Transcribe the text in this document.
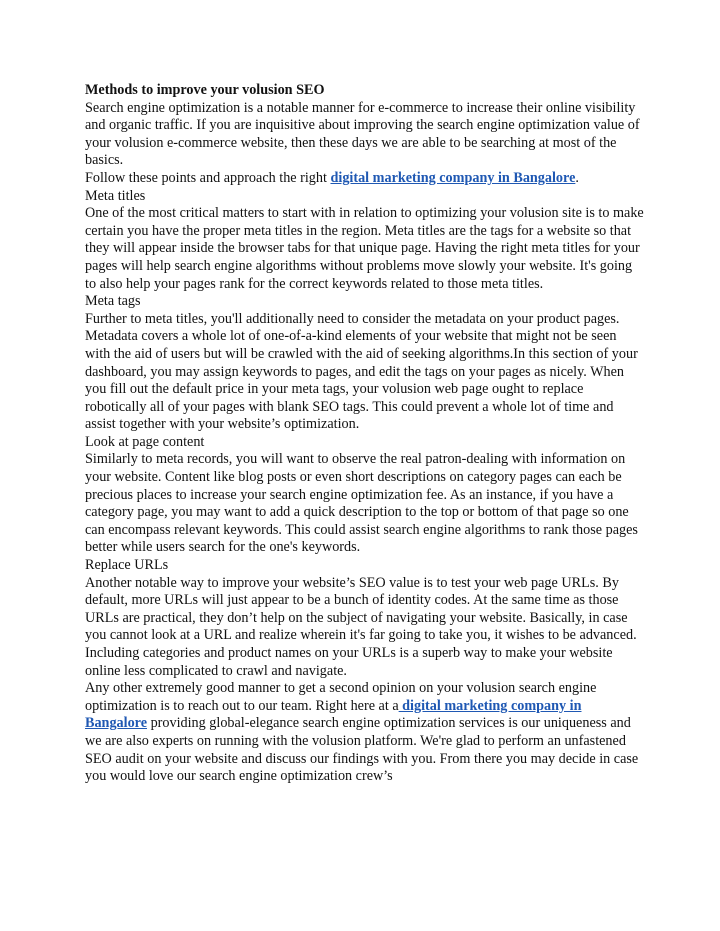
Methods to improve your volusion SEO

Search engine optimization is a notable manner for e-commerce to increase their online visibility and organic traffic. If you are inquisitive about improving the search engine optimization value of your volusion e-commerce website, then these days we are able to be searching at most of the basics.

Follow these points and approach the right digital marketing company in Bangalore.

Meta titles

One of the most critical matters to start with in relation to optimizing your volusion site is to make certain you have the proper meta titles in the region. Meta titles are the tags for a website so that they will appear inside the browser tabs for that unique page. Having the right meta titles for your pages will help search engine algorithms without problems move slowly your website. It's going to also help your pages rank for the correct keywords related to those meta titles.

Meta tags

Further to meta titles, you'll additionally need to consider the metadata on your product pages. Metadata covers a whole lot of one-of-a-kind elements of your website that might not be seen with the aid of users but will be crawled with the aid of seeking algorithms.In this section of your dashboard, you may assign keywords to pages, and edit the tags on your pages as nicely. When you fill out the default price in your meta tags, your volusion web page ought to replace robotically all of your pages with blank SEO tags. This could prevent a whole lot of time and assist together with your website’s optimization.

Look at page content

Similarly to meta records, you will want to observe the real patron-dealing with information on your website. Content like blog posts or even short descriptions on category pages can each be precious places to increase your search engine optimization fee. As an instance, if you have a category page, you may want to add a quick description to the top or bottom of that page so one can encompass relevant keywords. This could assist search engine algorithms to rank those pages better while users search for the one's keywords.

Replace URLs

Another notable way to improve your website’s SEO value is to test your web page URLs. By default, more URLs will just appear to be a bunch of identity codes. At the same time as those URLs are practical, they don’t help on the subject of navigating your website. Basically, in case you cannot look at a URL and realize wherein it's far going to take you, it wishes to be advanced. Including categories and product names on your URLs is a superb way to make your website online less complicated to crawl and navigate.

Any other extremely good manner to get a second opinion on your volusion search engine optimization is to reach out to our team. Right here at a digital marketing company in Bangalore providing global-elegance search engine optimization services is our uniqueness and we are also experts on running with the volusion platform. We're glad to perform an unfastened SEO audit on your website and discuss our findings with you. From there you may decide in case you would love our search engine optimization crew’s
